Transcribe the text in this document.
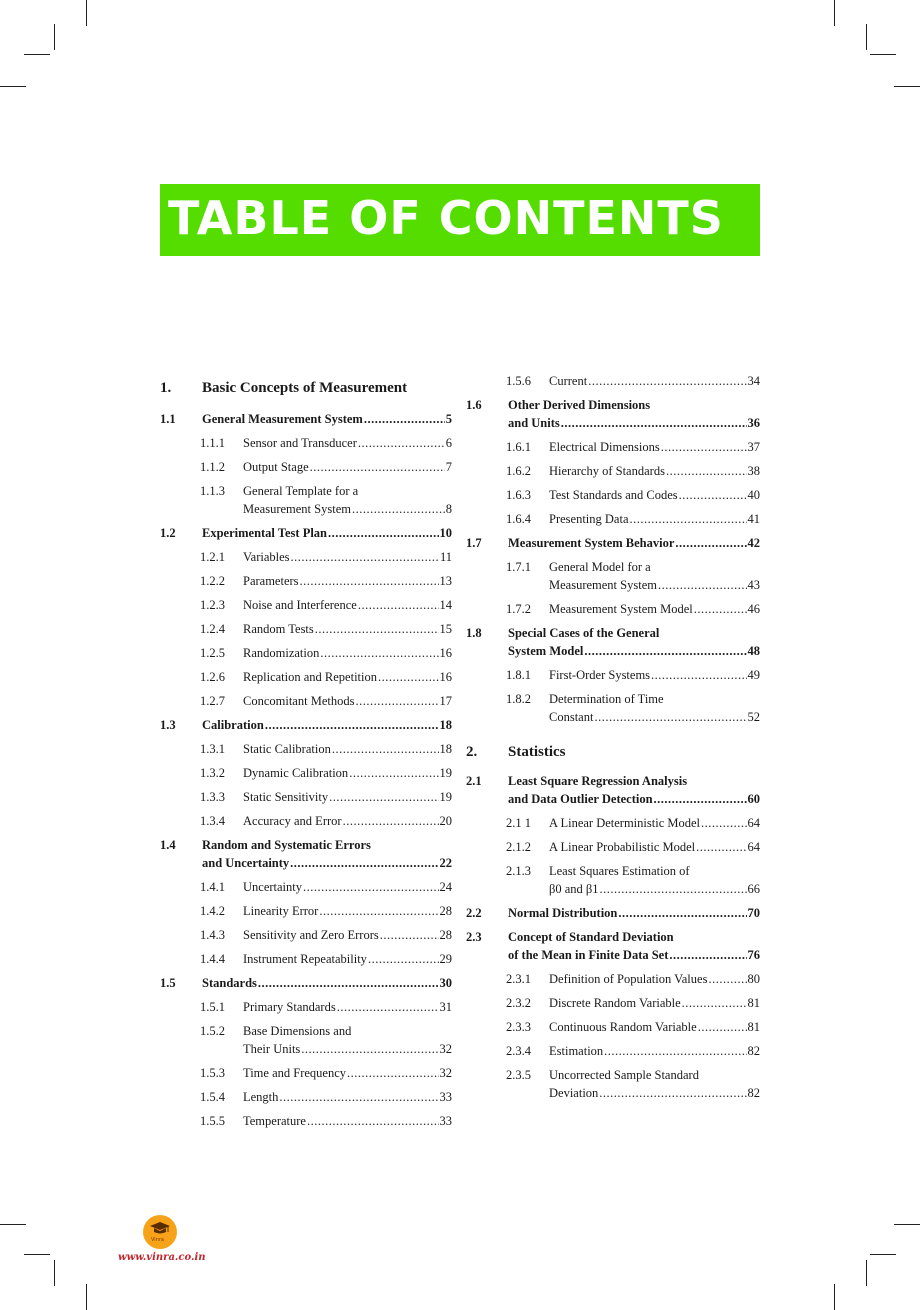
TABLE OF CONTENTS
1.	Basic Concepts of Measurement
1.1	General Measurement System .....	5
1.1.1	Sensor and Transducer .....	6
1.1.2	Output Stage .....	7
1.1.3	General Template for a
Measurement System .....	8
1.2	Experimental Test Plan .....	10
1.2.1	Variables .....	11
1.2.2	Parameters .....	13
1.2.3	Noise and Interference .....	14
1.2.4	Random Tests .....	15
1.2.5	Randomization .....	16
1.2.6	Replication and Repetition .....	16
1.2.7	Concomitant Methods .....	17
1.3	Calibration .....	18
1.3.1	Static Calibration .....	18
1.3.2	Dynamic Calibration .....	19
1.3.3	Static Sensitivity .....	19
1.3.4	Accuracy and Error .....	20
1.4	Random and Systematic Errors
and Uncertainty .....	22
1.4.1	Uncertainty .....	24
1.4.2	Linearity Error .....	28
1.4.3	Sensitivity and Zero Errors .....	28
1.4.4	Instrument Repeatability .....	29
1.5	Standards .....	30
1.5.1	Primary Standards .....	31
1.5.2	Base Dimensions and
Their Units .....	32
1.5.3	Time and Frequency .....	32
1.5.4	Length .....	33
1.5.5	Temperature .....	33
1.5.6	Current .....	34
1.6	Other Derived Dimensions
and Units .....	36
1.6.1	Electrical Dimensions .....	37
1.6.2	Hierarchy of Standards .....	38
1.6.3	Test Standards and Codes .....	40
1.6.4	Presenting Data .....	41
1.7	Measurement System Behavior .....	42
1.7.1	General Model for a
Measurement System .....	43
1.7.2	Measurement System Model .....	46
1.8	Special Cases of the General
System Model .....	48
1.8.1	First-Order Systems .....	49
1.8.2	Determination of Time
Constant .....	52
2.	Statistics
2.1	Least Square Regression Analysis
and Data Outlier Detection .....	60
2.1 1	A Linear Deterministic Model .....	64
2.1.2	A Linear Probabilistic Model .....	64
2.1.3	Least Squares Estimation of
β0 and β1 .....	66
2.2	Normal Distribution .....	70
2.3	Concept of Standard Deviation
of the Mean in Finite Data Set .....	76
2.3.1	Definition of Population Values .....	80
2.3.2	Discrete Random Variable .....	81
2.3.3	Continuous Random Variable .....	81
2.3.4	Estimation .....	82
2.3.5	Uncorrected Sample Standard
Deviation .....	82
Vinra
www.vinra.co.in
